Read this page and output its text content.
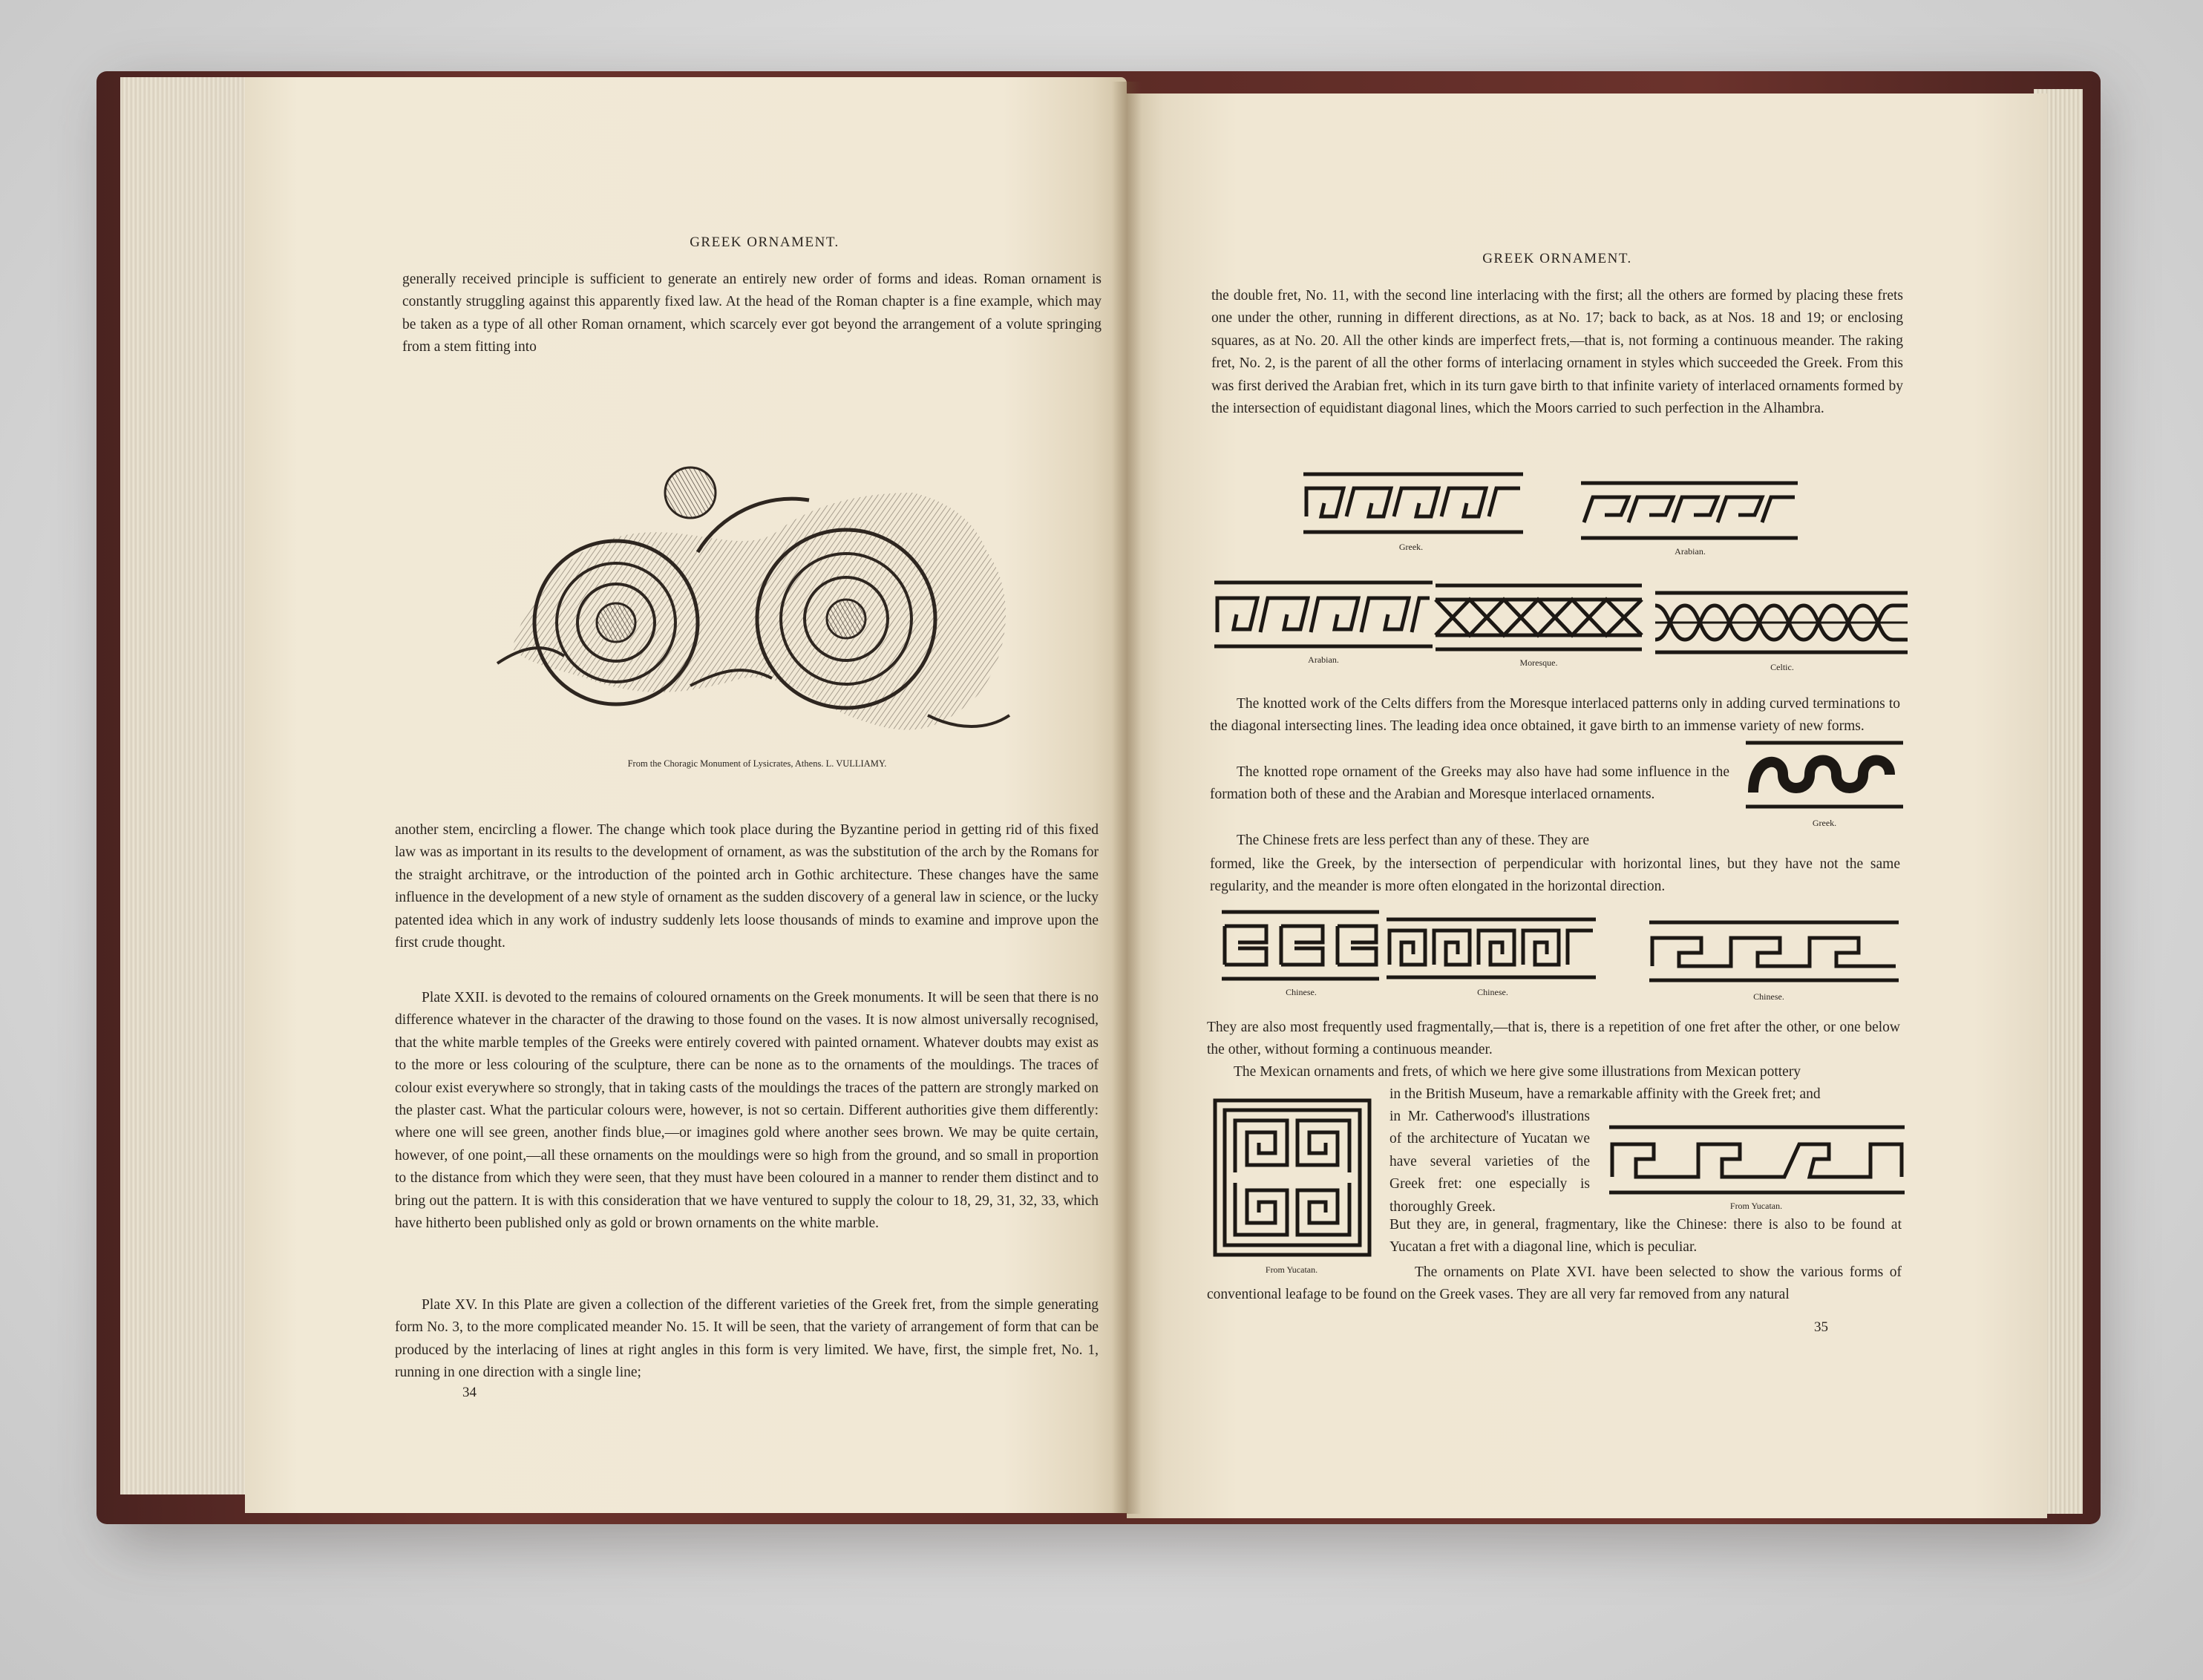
GREEK ORNAMENT.

generally received principle is sufficient to generate an entirely new order of forms and ideas. Roman ornament is constantly struggling against this apparently fixed law. At the head of the Roman chapter is a fine example, which may be taken as a type of all other Roman ornament, which scarcely ever got beyond the arrangement of a volute springing from a stem fitting into

From the Choragic Monument of Lysicrates, Athens. L. VULLIAMY.

another stem, encircling a flower. The change which took place during the Byzantine period in getting rid of this fixed law was as important in its results to the development of ornament, as was the substitution of the arch by the Romans for the straight architrave, or the introduction of the pointed arch in Gothic architecture. These changes have the same influence in the development of a new style of ornament as the sudden discovery of a general law in science, or the lucky patented idea which in any work of industry suddenly lets loose thousands of minds to examine and improve upon the first crude thought.

Plate XXII. is devoted to the remains of coloured ornaments on the Greek monuments. It will be seen that there is no difference whatever in the character of the drawing to those found on the vases. It is now almost universally recognised, that the white marble temples of the Greeks were entirely covered with painted ornament. Whatever doubts may exist as to the more or less colouring of the sculpture, there can be none as to the ornaments of the mouldings. The traces of colour exist everywhere so strongly, that in taking casts of the mouldings the traces of the pattern are strongly marked on the plaster cast. What the particular colours were, however, is not so certain. Different authorities give them differently: where one will see green, another finds blue,—or imagines gold where another sees brown. We may be quite certain, however, of one point,—all these ornaments on the mouldings were so high from the ground, and so small in proportion to the distance from which they were seen, that they must have been coloured in a manner to render them distinct and to bring out the pattern. It is with this consideration that we have ventured to supply the colour to 18, 29, 31, 32, 33, which have hitherto been published only as gold or brown ornaments on the white marble.

Plate XV. In this Plate are given a collection of the different varieties of the Greek fret, from the simple generating form No. 3, to the more complicated meander No. 15. It will be seen, that the variety of arrangement of form that can be produced by the interlacing of lines at right angles in this form is very limited. We have, first, the simple fret, No. 1, running in one direction with a single line;

34
GREEK ORNAMENT.

the double fret, No. 11, with the second line interlacing with the first; all the others are formed by placing these frets one under the other, running in different directions, as at No. 17; back to back, as at Nos. 18 and 19; or enclosing squares, as at No. 20. All the other kinds are imperfect frets,—that is, not forming a continuous meander. The raking fret, No. 2, is the parent of all the other forms of interlacing ornament in styles which succeeded the Greek. From this was first derived the Arabian fret, which in its turn gave birth to that infinite variety of interlaced ornaments formed by the intersection of equidistant diagonal lines, which the Moors carried to such perfection in the Alhambra.

Greek.	Arabian.
Arabian.	Moresque.	Celtic.

The knotted work of the Celts differs from the Moresque interlaced patterns only in adding curved terminations to the diagonal intersecting lines. The leading idea once obtained, it gave birth to an immense variety of new forms.

The knotted rope ornament of the Greeks may also have had some influence in the formation both of these and the Arabian and Moresque interlaced ornaments.

Greek.

The Chinese frets are less perfect than any of these. They are

formed, like the Greek, by the intersection of perpendicular with horizontal lines, but they have not the same regularity, and the meander is more often elongated in the horizontal direction.

Chinese.	Chinese.	Chinese.

They are also most frequently used fragmentally,—that is, there is a repetition of one fret after the other, or one below the other, without forming a continuous meander.

The Mexican ornaments and frets, of which we here give some illustrations from Mexican pottery

in the British Museum, have a remarkable affinity with the Greek fret; and

in Mr. Catherwood's illustrations of the architecture of Yucatan we have several varieties of the Greek fret: one especially is thoroughly Greek.

From Yucatan.
From Yucatan.

But they are, in general, fragmentary, like the Chinese: there is also to be found at Yucatan a fret with a diagonal line, which is peculiar.

The ornaments on Plate XVI. have been selected to show the various forms of conventional leafage to be found on the Greek vases. They are all very far removed from any natural

35
